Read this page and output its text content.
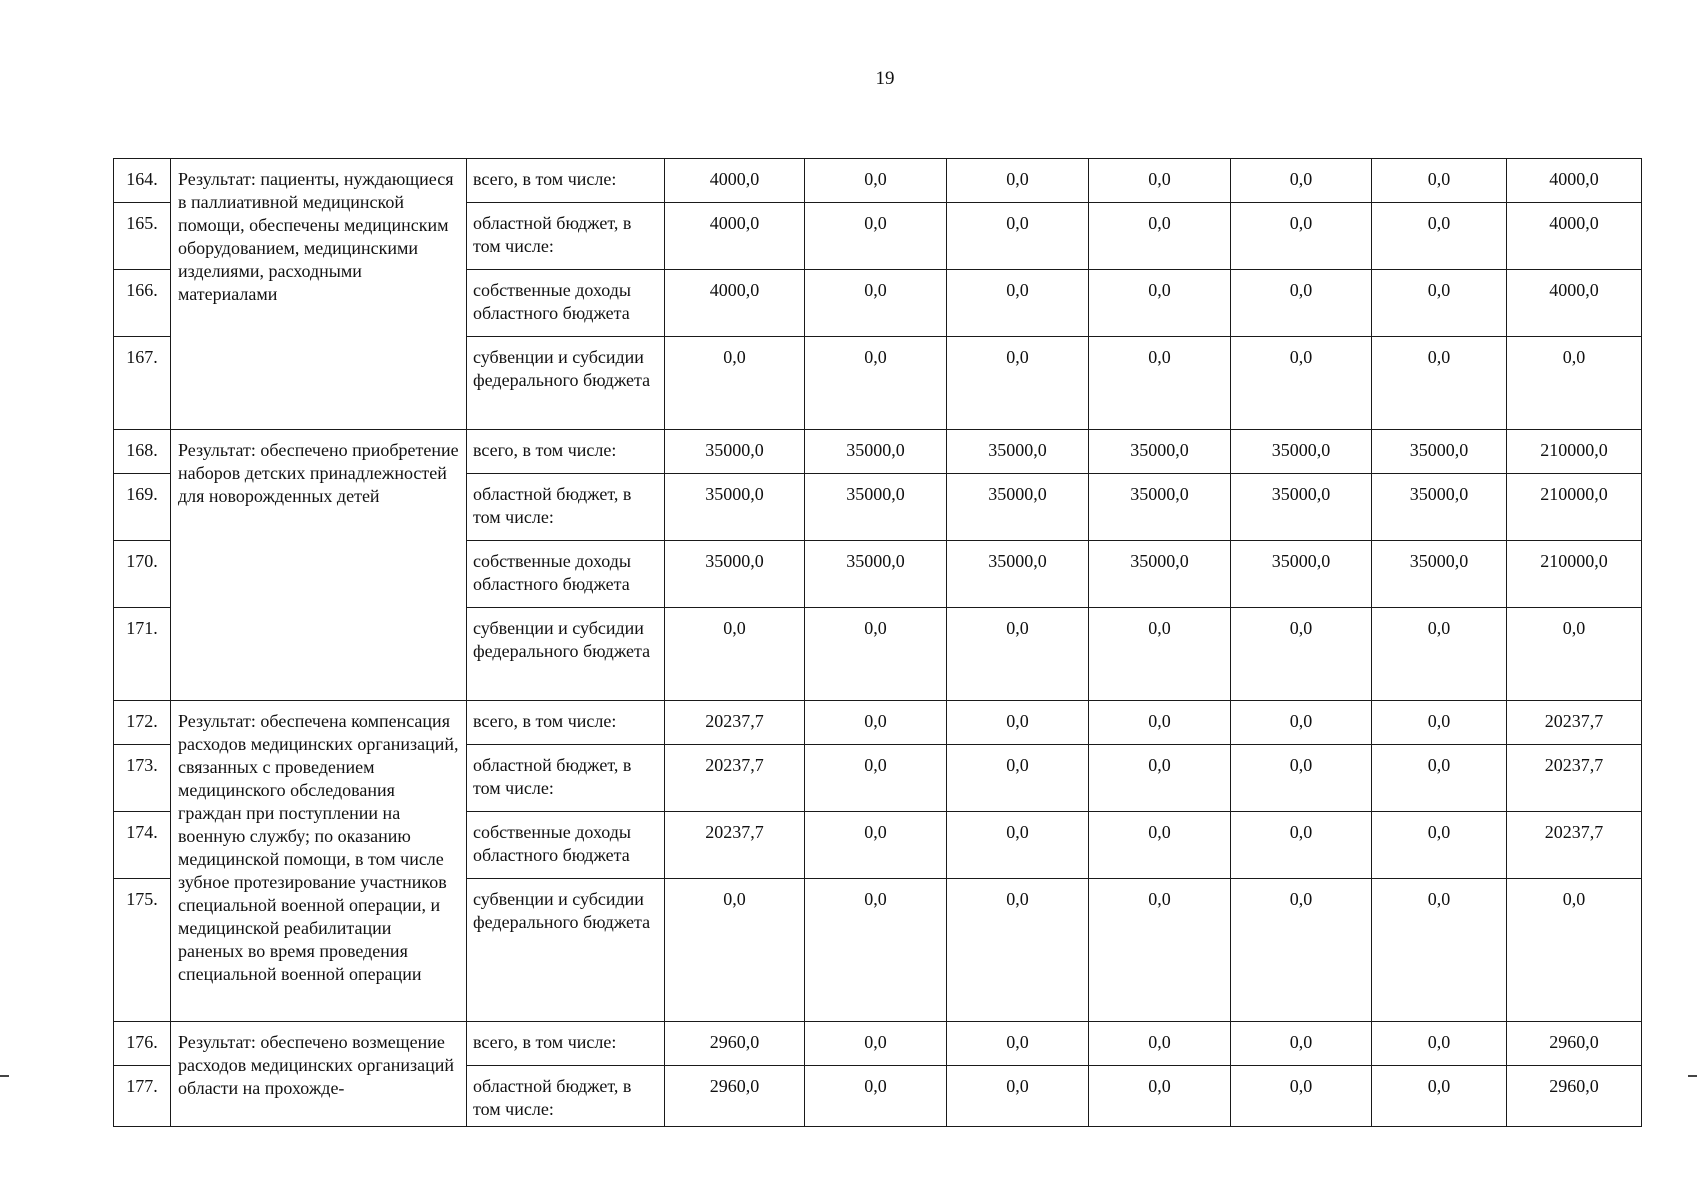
19
164.	Результат: пациенты, нуждающиеся в паллиативной медицинской помощи, обеспечены медицинским оборудованием, медицинскими изделиями, расходными материалами	всего, в том числе:	4000,0	0,0	0,0	0,0	0,0	0,0	4000,0
165.		областной бюджет, в том числе:	4000,0	0,0	0,0	0,0	0,0	0,0	4000,0
166.		собственные доходы областного бюджета	4000,0	0,0	0,0	0,0	0,0	0,0	4000,0
167.		субвенции и субсидии федерального бюджета	0,0	0,0	0,0	0,0	0,0	0,0	0,0
168.	Результат: обеспечено приобретение наборов детских принадлежностей для новорожденных детей	всего, в том числе:	35000,0	35000,0	35000,0	35000,0	35000,0	35000,0	210000,0
169.		областной бюджет, в том числе:	35000,0	35000,0	35000,0	35000,0	35000,0	35000,0	210000,0
170.		собственные доходы областного бюджета	35000,0	35000,0	35000,0	35000,0	35000,0	35000,0	210000,0
171.		субвенции и субсидии федерального бюджета	0,0	0,0	0,0	0,0	0,0	0,0	0,0
172.	Результат: обеспечена компенсация расходов медицинских организаций, связанных с проведением медицинского обследования граждан при поступлении на военную службу; по оказанию медицинской помощи, в том числе зубное протезирование участников специальной военной операции, и медицинской реабилитации раненых во время проведения специальной военной операции	всего, в том числе:	20237,7	0,0	0,0	0,0	0,0	0,0	20237,7
173.		областной бюджет, в том числе:	20237,7	0,0	0,0	0,0	0,0	0,0	20237,7
174.		собственные доходы областного бюджета	20237,7	0,0	0,0	0,0	0,0	0,0	20237,7
175.		субвенции и субсидии федерального бюджета	0,0	0,0	0,0	0,0	0,0	0,0	0,0
176.	Результат: обеспечено возмещение расходов медицинских организаций области на прохожде-	всего, в том числе:	2960,0	0,0	0,0	0,0	0,0	0,0	2960,0
177.		областной бюджет, в том числе:	2960,0	0,0	0,0	0,0	0,0	0,0	2960,0
